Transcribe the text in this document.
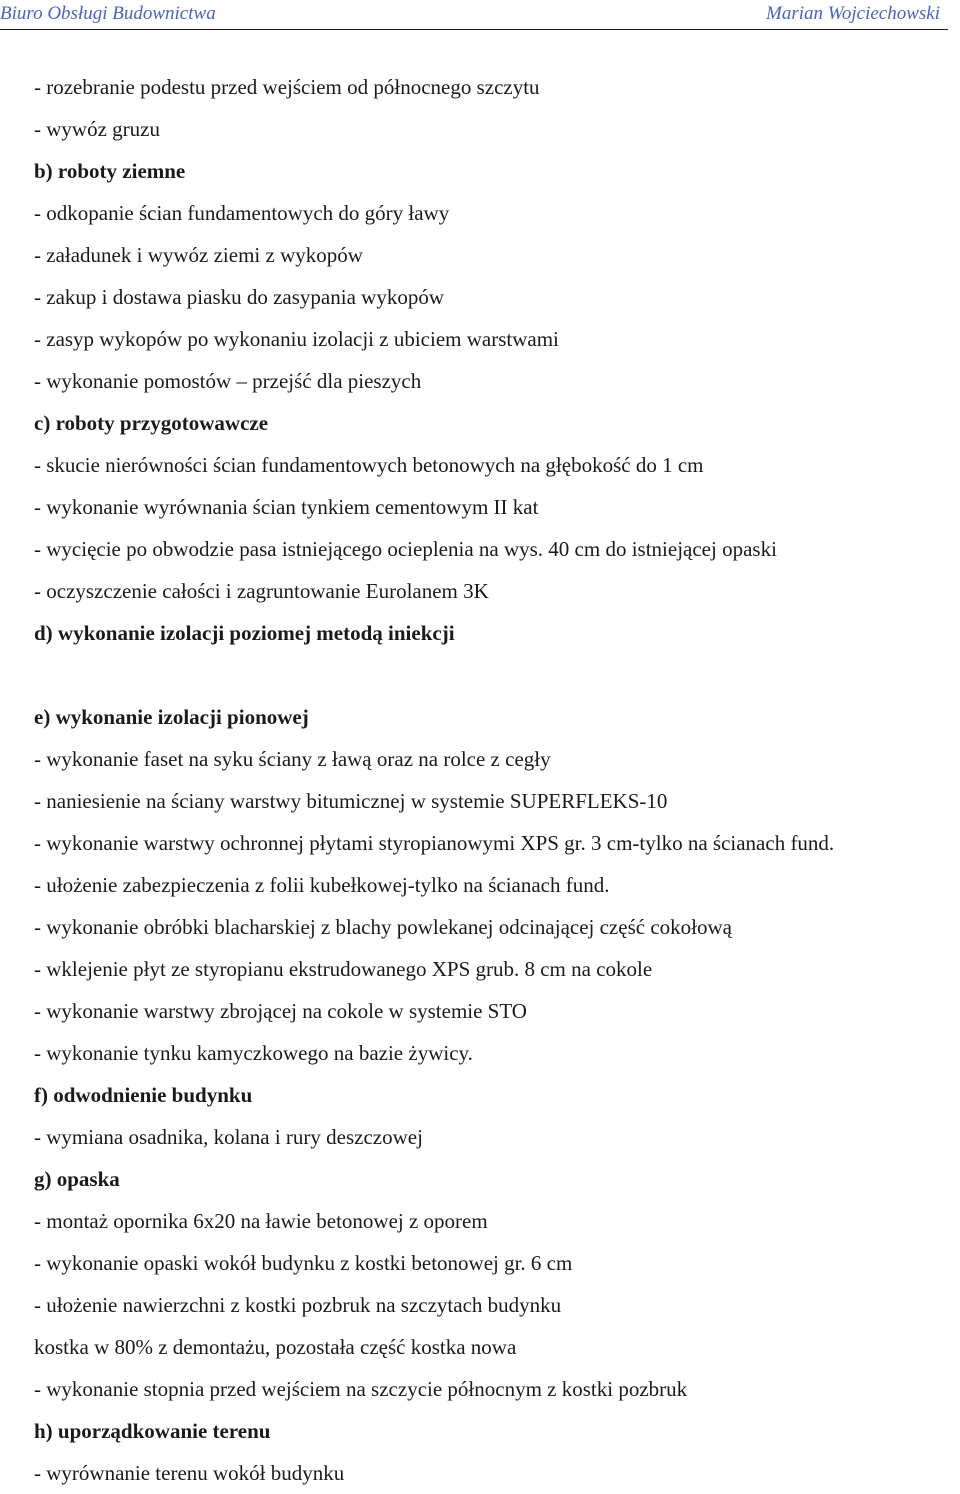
Biuro Obsługi Budownictwa	Marian Wojciechowski
- rozebranie podestu przed wejściem od północnego szczytu
- wywóz gruzu
b) roboty ziemne
- odkopanie ścian fundamentowych do góry ławy
- załadunek i wywóz ziemi z wykopów
- zakup i dostawa piasku do zasypania wykopów
- zasyp wykopów po wykonaniu izolacji z ubiciem warstwami
- wykonanie pomostów – przejść dla pieszych
c) roboty przygotowawcze
- skucie nierówności ścian fundamentowych betonowych na głębokość do 1 cm
- wykonanie wyrównania ścian tynkiem cementowym II kat
- wycięcie po obwodzie pasa istniejącego ocieplenia na wys. 40 cm do istniejącej opaski
- oczyszczenie całości i zagruntowanie Eurolanem 3K
d) wykonanie izolacji poziomej metodą iniekcji
e) wykonanie izolacji pionowej
- wykonanie faset na syku ściany z ławą oraz na rolce z cegły
- naniesienie na ściany warstwy bitumicznej w systemie SUPERFLEKS-10
- wykonanie warstwy ochronnej płytami styropianowymi XPS gr. 3 cm-tylko na ścianach fund.
- ułożenie zabezpieczenia z folii kubełkowej-tylko na ścianach fund.
- wykonanie obróbki blacharskiej z blachy powlekanej odcinającej część cokołową
- wklejenie płyt ze styropianu ekstrudowanego XPS grub. 8 cm na cokole
- wykonanie warstwy zbrojącej na cokole w systemie STO
- wykonanie tynku kamyczkowego na bazie żywicy.
f) odwodnienie budynku
- wymiana osadnika, kolana i rury deszczowej
g) opaska
- montaż opornika 6x20 na ławie betonowej z oporem
- wykonanie opaski wokół budynku z kostki betonowej gr. 6 cm
- ułożenie nawierzchni z kostki pozbruk na szczytach budynku
kostka w 80% z demontażu, pozostała część kostka nowa
- wykonanie stopnia przed wejściem na szczycie północnym z kostki pozbruk
h) uporządkowanie terenu
- wyrównanie terenu wokół budynku
